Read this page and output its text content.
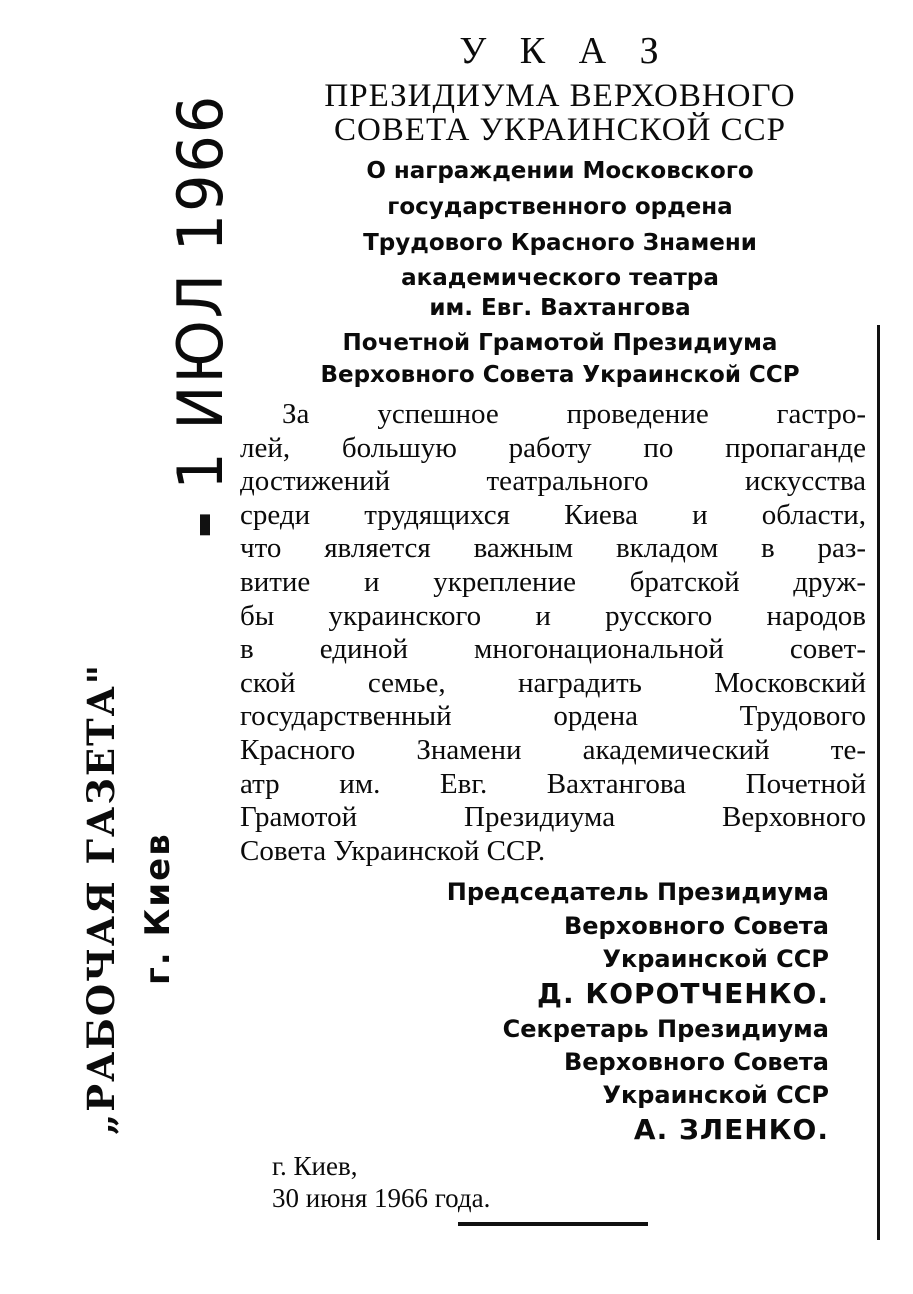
1 ИЮЛ 1966
„РАБОЧАЯ ГАЗЕТА" г. Киев
У К А З
ПРЕЗИДИУМА ВЕРХОВНОГО
СОВЕТА УКРАИНСКОЙ ССР
О награждении Московского
государственного ордена
Трудового Красного Знамени
академического театра
им. Евг. Вахтангова
Почетной Грамотой Президиума
Верховного Совета Украинской ССР
За успешное проведение гастро-
лей, большую работу по пропаганде
достижений театрального искусства
среди трудящихся Киева и области,
что является важным вкладом в раз-
витие и укрепление братской друж-
бы украинского и русского народов
в единой многонациональной совет-
ской семье, наградить Московский
государственный ордена Трудового
Красного Знамени академический те-
атр им. Евг. Вахтангова Почетной
Грамотой Президиума Верховного
Совета Украинской ССР.
Председатель Президиума
Верховного Совета
Украинской ССР
Д. КОРОТЧЕНКО.
Секретарь Президиума
Верховного Совета
Украинской ССР
А. ЗЛЕНКО.
г. Киев,
30 июня 1966 года.
